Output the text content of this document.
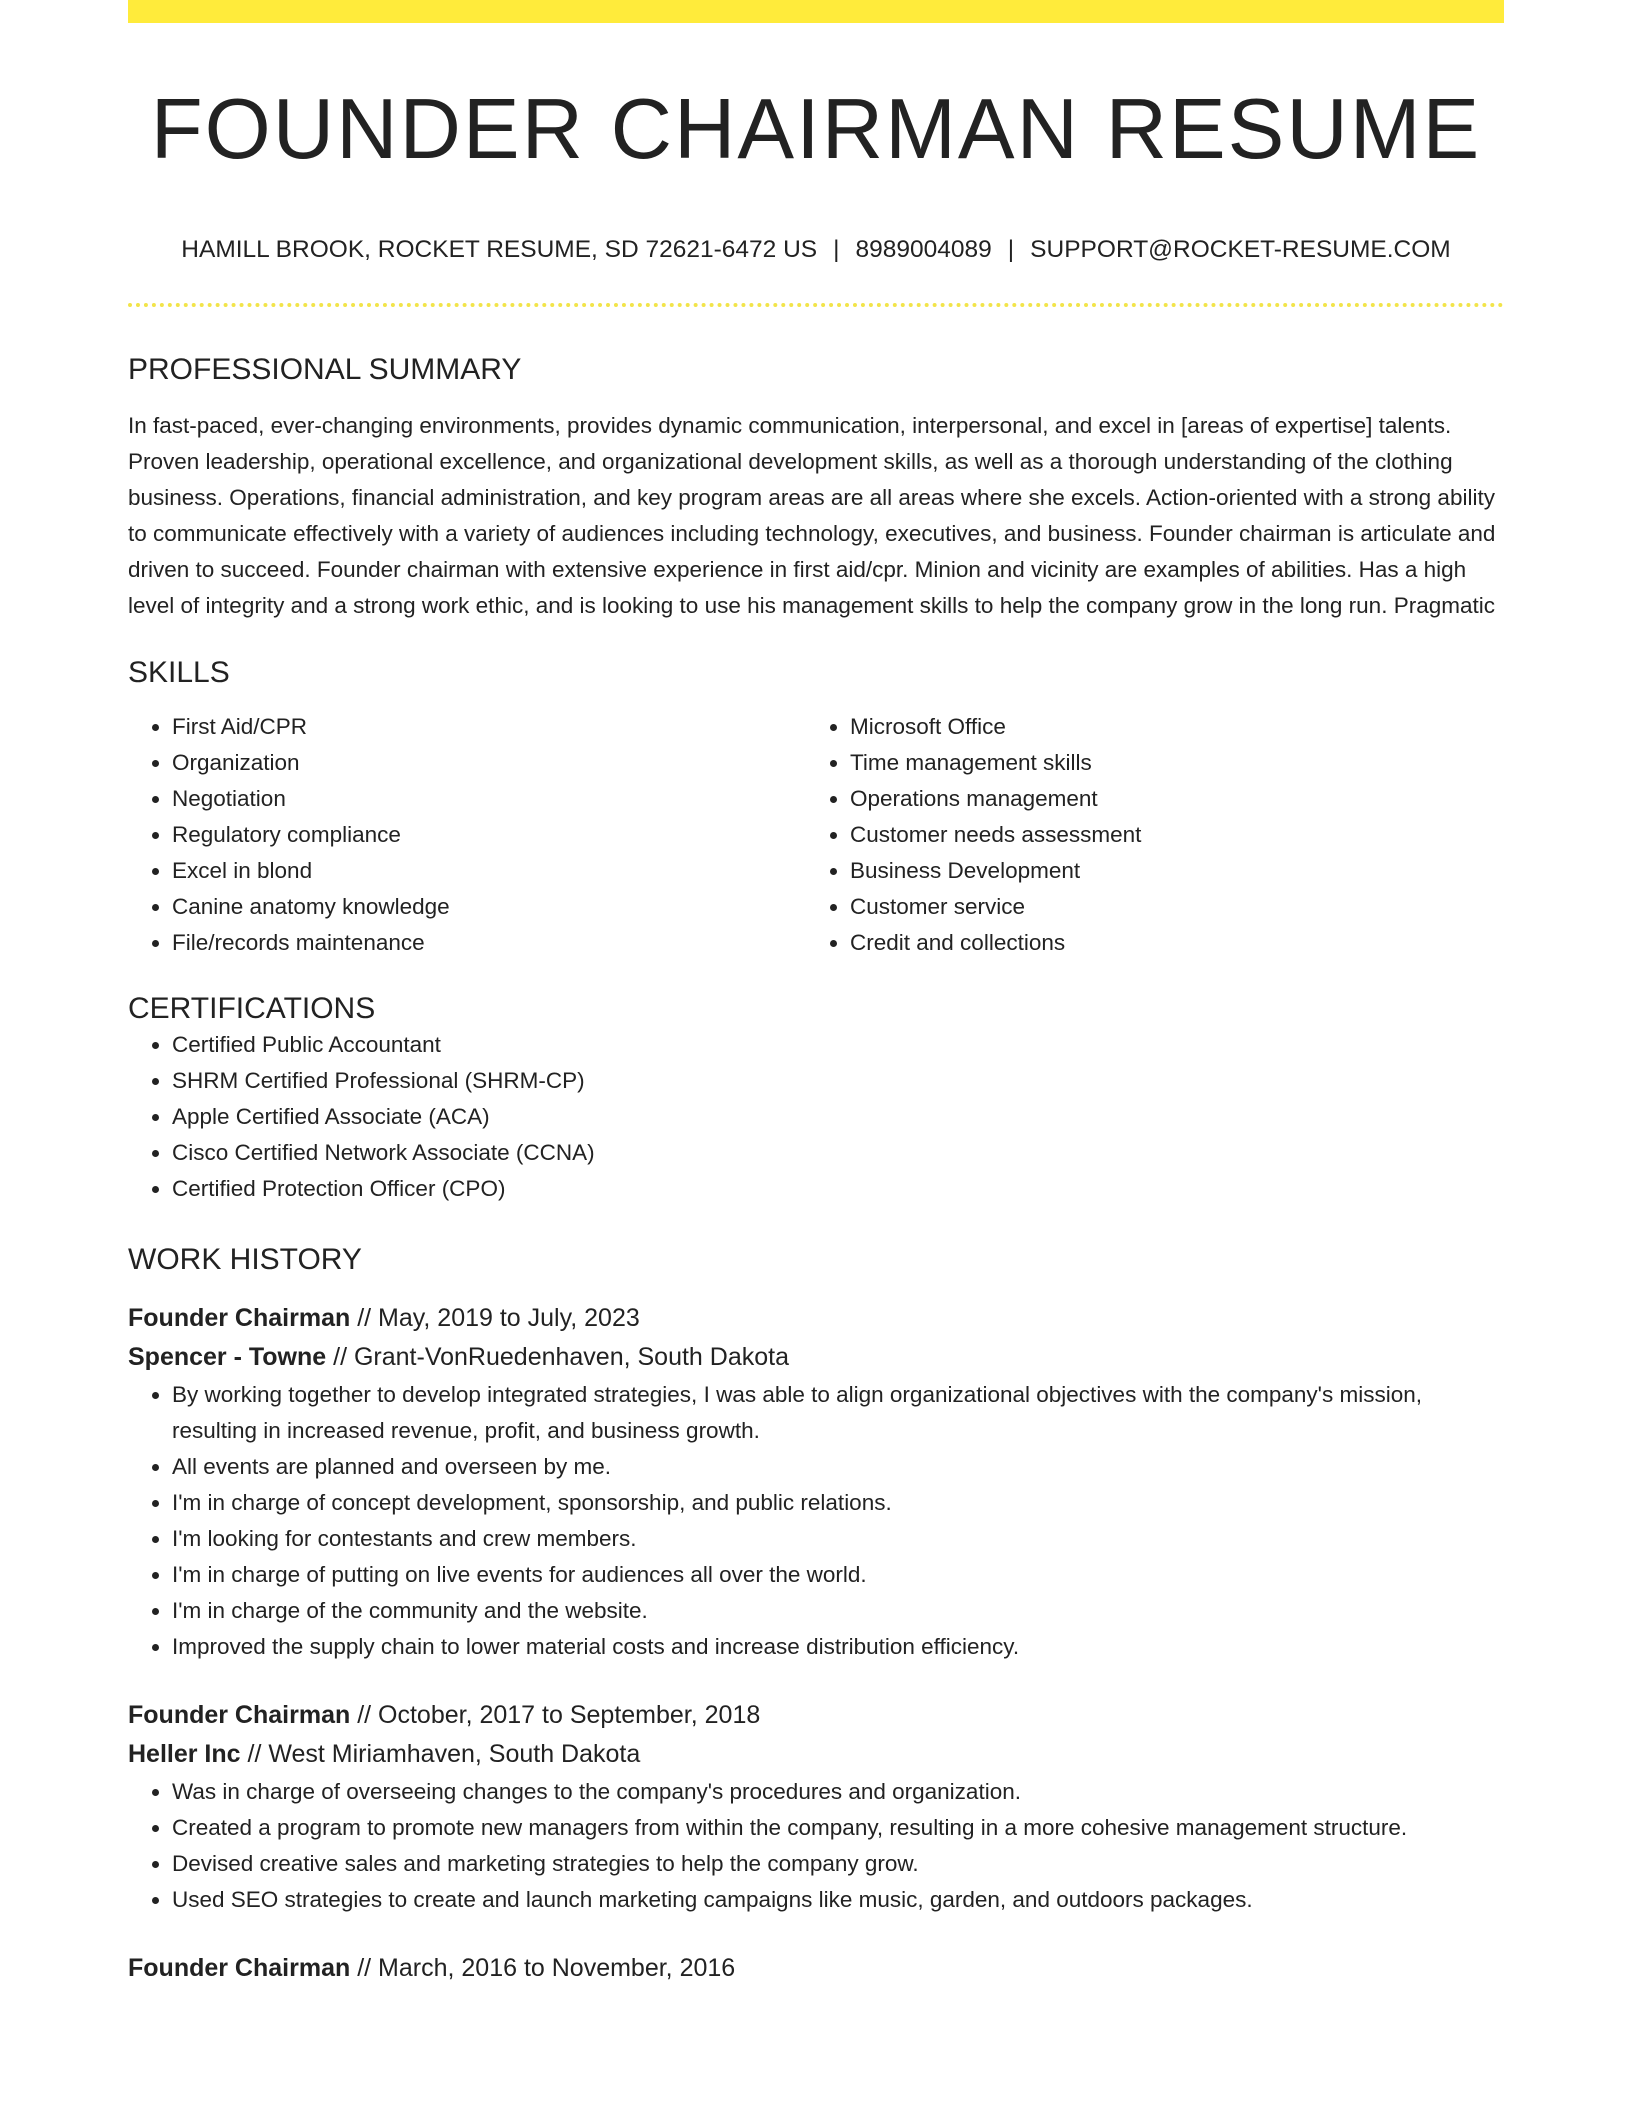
FOUNDER CHAIRMAN RESUME
HAMILL BROOK, ROCKET RESUME, SD 72621-6472 US | 8989004089 | SUPPORT@ROCKET-RESUME.COM
PROFESSIONAL SUMMARY

In fast-paced, ever-changing environments, provides dynamic communication, interpersonal, and excel in [areas of expertise] talents. Proven leadership, operational excellence, and organizational development skills, as well as a thorough understanding of the clothing business. Operations, financial administration, and key program areas are all areas where she excels. Action-oriented with a strong ability to communicate effectively with a variety of audiences including technology, executives, and business. Founder chairman is articulate and driven to succeed. Founder chairman with extensive experience in first aid/cpr. Minion and vicinity are examples of abilities. Has a high level of integrity and a strong work ethic, and is looking to use his management skills to help the company grow in the long run. Pragmatic

SKILLS
• First Aid/CPR
• Organization
• Negotiation
• Regulatory compliance
• Excel in blond
• Canine anatomy knowledge
• File/records maintenance
• Microsoft Office
• Time management skills
• Operations management
• Customer needs assessment
• Business Development
• Customer service
• Credit and collections
CERTIFICATIONS
• Certified Public Accountant
• SHRM Certified Professional (SHRM-CP)
• Apple Certified Associate (ACA)
• Cisco Certified Network Associate (CCNA)
• Certified Protection Officer (CPO)
WORK HISTORY
Founder Chairman // May, 2019 to July, 2023
Spencer - Towne // Grant-VonRuedenhaven, South Dakota
• By working together to develop integrated strategies, I was able to align organizational objectives with the company's mission, resulting in increased revenue, profit, and business growth.
• All events are planned and overseen by me.
• I'm in charge of concept development, sponsorship, and public relations.
• I'm looking for contestants and crew members.
• I'm in charge of putting on live events for audiences all over the world.
• I'm in charge of the community and the website.
• Improved the supply chain to lower material costs and increase distribution efficiency.
Founder Chairman // October, 2017 to September, 2018
Heller Inc // West Miriamhaven, South Dakota
• Was in charge of overseeing changes to the company's procedures and organization.
• Created a program to promote new managers from within the company, resulting in a more cohesive management structure.
• Devised creative sales and marketing strategies to help the company grow.
• Used SEO strategies to create and launch marketing campaigns like music, garden, and outdoors packages.
Founder Chairman // March, 2016 to November, 2016
